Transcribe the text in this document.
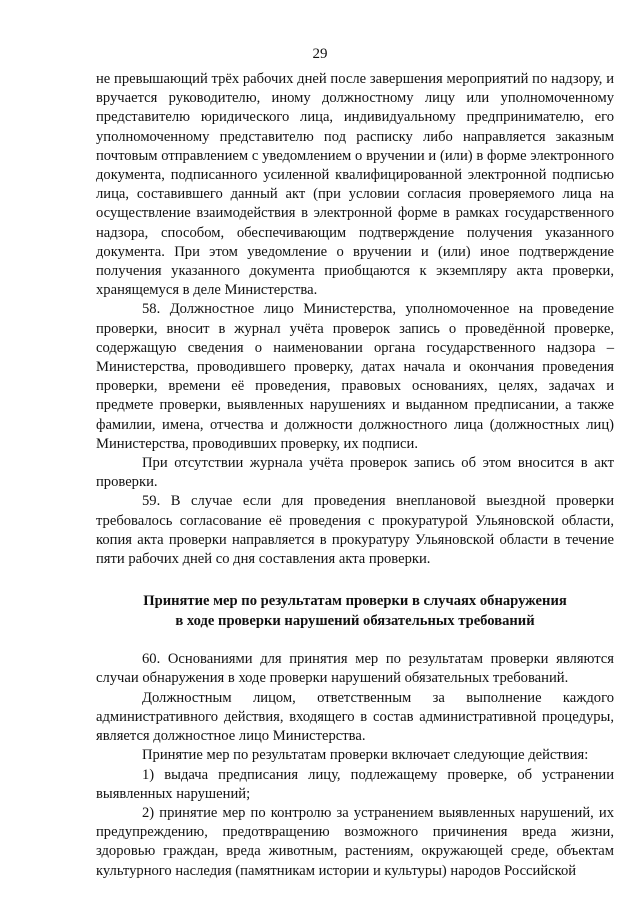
29

не превышающий трёх рабочих дней после завершения мероприятий по надзору, и вручается руководителю, иному должностному лицу или уполномоченному представителю юридического лица, индивидуальному предпринимателю, его уполномоченному представителю под расписку либо направляется заказным почтовым отправлением с уведомлением о вручении и (или) в форме электронного документа, подписанного усиленной квалифицированной электронной подписью лица, составившего данный акт (при условии согласия проверяемого лица на осуществление взаимодействия в электронной форме в рамках государственного надзора, способом, обеспечивающим подтверждение получения указанного документа. При этом уведомление о вручении и (или) иное подтверждение получения указанного документа приобщаются к экземпляру акта проверки, хранящемуся в деле Министерства.

58. Должностное лицо Министерства, уполномоченное на проведение проверки, вносит в журнал учёта проверок запись о проведённой проверке, содержащую сведения о наименовании органа государственного надзора – Министерства, проводившего проверку, датах начала и окончания проведения проверки, времени её проведения, правовых основаниях, целях, задачах и предмете проверки, выявленных нарушениях и выданном предписании, а также фамилии, имена, отчества и должности должностного лица (должностных лиц) Министерства, проводивших проверку, их подписи.

При отсутствии журнала учёта проверок запись об этом вносится в акт проверки.

59. В случае если для проведения внеплановой выездной проверки требовалось согласование её проведения с прокуратурой Ульяновской области, копия акта проверки направляется в прокуратуру Ульяновской области в течение пяти рабочих дней со дня составления акта проверки.

Принятие мер по результатам проверки в случаях обнаружения
в ходе проверки нарушений обязательных требований

60. Основаниями для принятия мер по результатам проверки являются случаи обнаружения в ходе проверки нарушений обязательных требований.

Должностным лицом, ответственным за выполнение каждого административного действия, входящего в состав административной процедуры, является должностное лицо Министерства.

Принятие мер по результатам проверки включает следующие действия:

1) выдача предписания лицу, подлежащему проверке, об устранении выявленных нарушений;

2) принятие мер по контролю за устранением выявленных нарушений, их предупреждению, предотвращению возможного причинения вреда жизни, здоровью граждан, вреда животным, растениям, окружающей среде, объектам культурного наследия (памятникам истории и культуры) народов Российской
